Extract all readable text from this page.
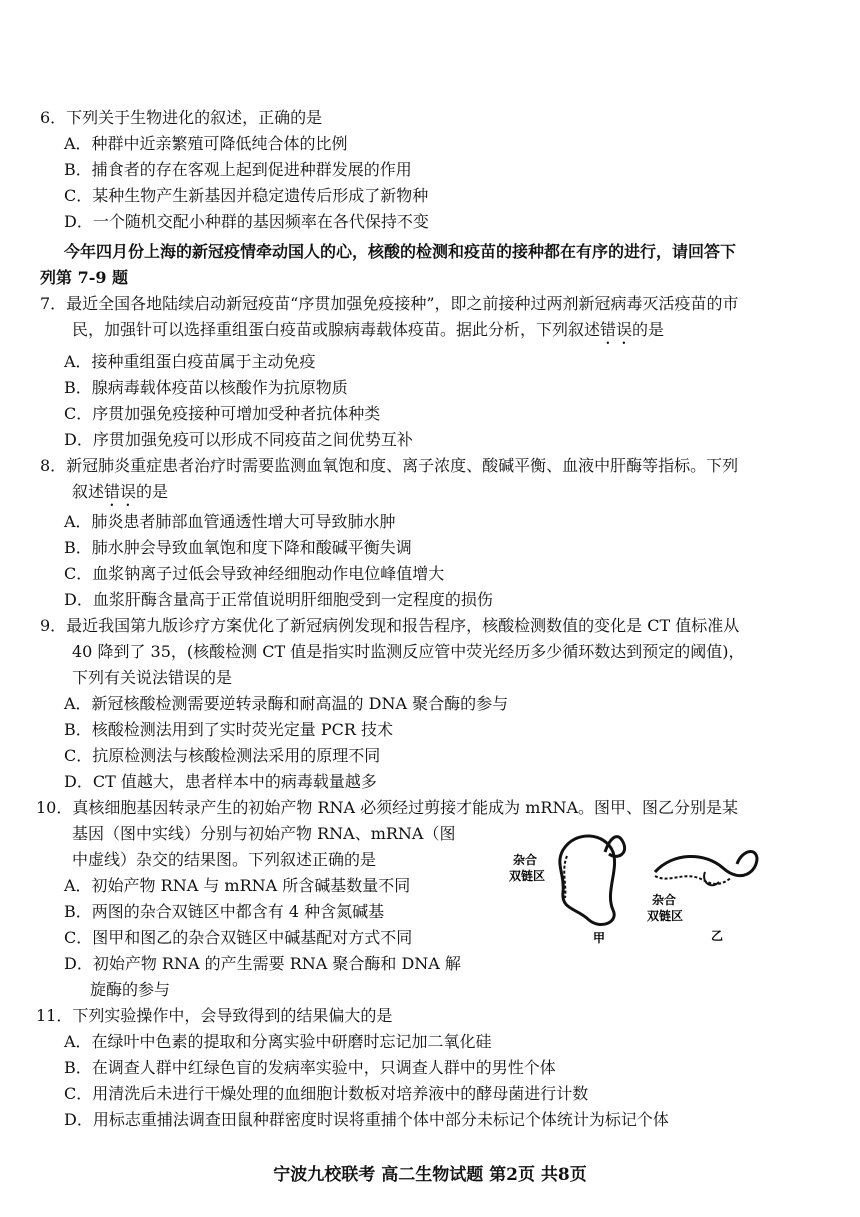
6．下列关于生物进化的叙述，正确的是
A．种群中近亲繁殖可降低纯合体的比例
B．捕食者的存在客观上起到促进种群发展的作用
C．某种生物产生新基因并稳定遗传后形成了新物种
D．一个随机交配小种群的基因频率在各代保持不变
今年四月份上海的新冠疫情牵动国人的心，核酸的检测和疫苗的接种都在有序的进行，请回答下
列第 7-9 题
7．最近全国各地陆续启动新冠疫苗“序贯加强免疫接种”，即之前接种过两剂新冠病毒灭活疫苗的市
民，加强针可以选择重组蛋白疫苗或腺病毒载体疫苗。据此分析，下列叙述错误的是
A．接种重组蛋白疫苗属于主动免疫
B．腺病毒载体疫苗以核酸作为抗原物质
C．序贯加强免疫接种可增加受种者抗体种类
D．序贯加强免疫可以形成不同疫苗之间优势互补
8．新冠肺炎重症患者治疗时需要监测血氧饱和度、离子浓度、酸碱平衡、血液中肝酶等指标。下列
叙述错误的是
A．肺炎患者肺部血管通透性增大可导致肺水肿
B．肺水肿会导致血氧饱和度下降和酸碱平衡失调
C．血浆钠离子过低会导致神经细胞动作电位峰值增大
D．血浆肝酶含量高于正常值说明肝细胞受到一定程度的损伤
9．最近我国第九版诊疗方案优化了新冠病例发现和报告程序，核酸检测数值的变化是 CT 值标准从
40 降到了 35，(核酸检测 CT 值是指实时监测反应管中荧光经历多少循环数达到预定的阈值)，
下列有关说法错误的是
A．新冠核酸检测需要逆转录酶和耐高温的 DNA 聚合酶的参与
B．核酸检测法用到了实时荧光定量 PCR 技术
C．抗原检测法与核酸检测法采用的原理不同
D．CT 值越大，患者样本中的病毒载量越多
10．真核细胞基因转录产生的初始产物 RNA 必须经过剪接才能成为 mRNA。图甲、图乙分别是某
基因（图中实线）分别与初始产物 RNA、mRNA（图
中虚线）杂交的结果图。下列叙述正确的是
A．初始产物 RNA 与 mRNA 所含碱基数量不同
B．两图的杂合双链区中都含有 4 种含氮碱基
C．图甲和图乙的杂合双链区中碱基配对方式不同
D．初始产物 RNA 的产生需要 RNA 聚合酶和 DNA 解
旋酶的参与
杂合
双链区
甲
杂合
双链区
乙
11．下列实验操作中，会导致得到的结果偏大的是
A．在绿叶中色素的提取和分离实验中研磨时忘记加二氧化硅
B．在调查人群中红绿色盲的发病率实验中，只调查人群中的男性个体
C．用清洗后未进行干燥处理的血细胞计数板对培养液中的酵母菌进行计数
D．用标志重捕法调查田鼠种群密度时误将重捕个体中部分未标记个体统计为标记个体
宁波九校联考 高二生物试题 第2页 共8页
